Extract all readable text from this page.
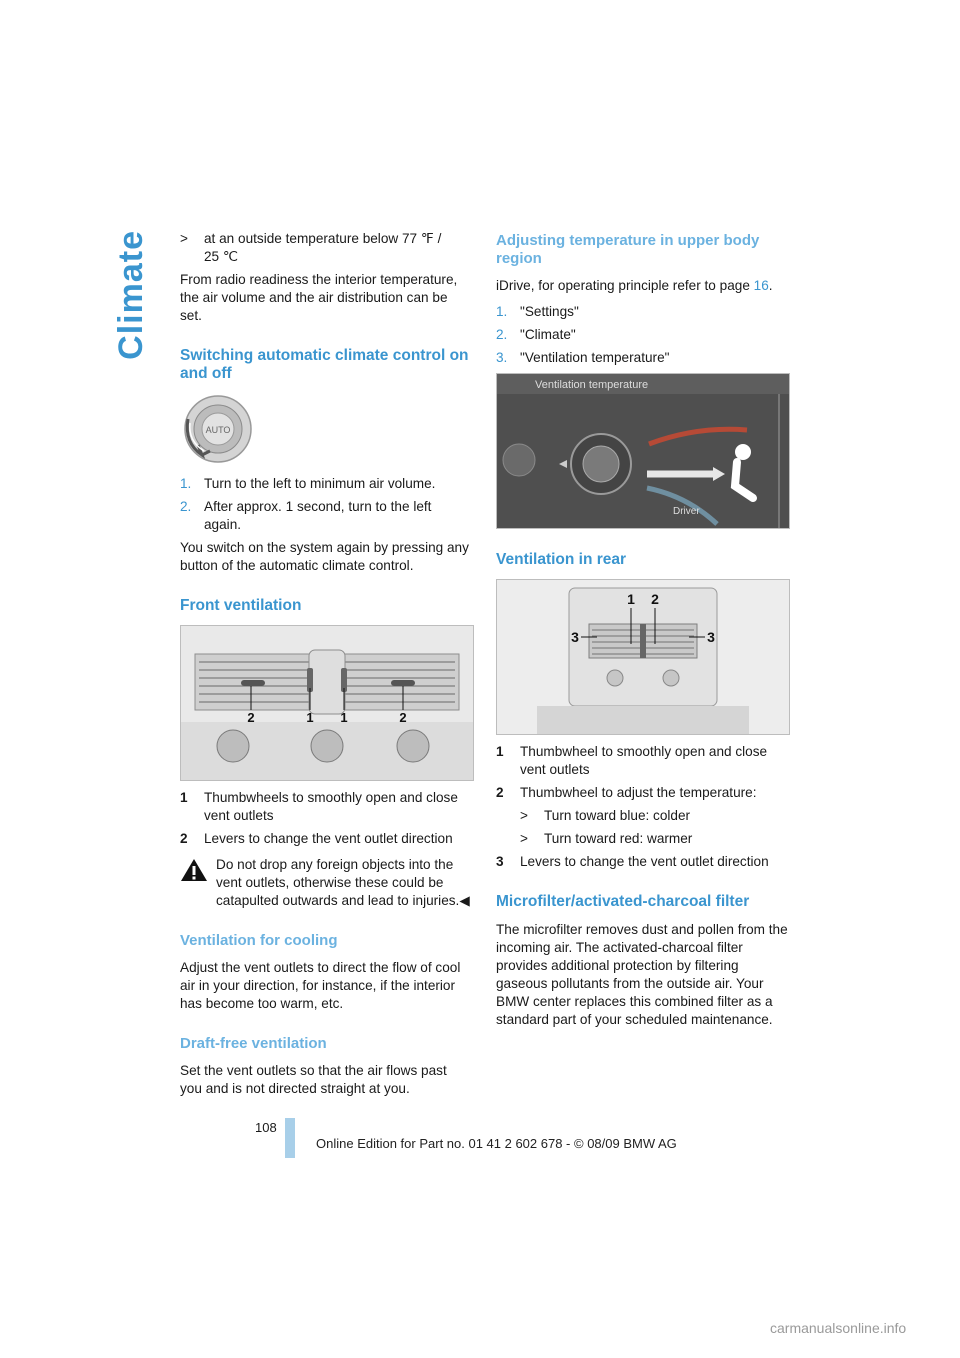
Climate > at an outside temperature below 77 ℉ /
25 ℃

From radio readiness the interior temperature, the air volume and the air distribution can be set.

Switching automatic climate control on and off
AUTO
1. Turn to the left to minimum air volume.
2. After approx. 1 second, turn to the left again.

You switch on the system again by pressing any button of the automatic climate control.

Front ventilation
2	1 1	2
1 Thumbwheels to smoothly open and close vent outlets
2 Levers to change the vent outlet direction
Do not drop any foreign objects into the vent outlets, otherwise these could be catapulted outwards and lead to injuries.◀
Ventilation for cooling

Adjust the vent outlets to direct the flow of cool air in your direction, for instance, if the interior has become too warm, etc.

Draft-free ventilation

Set the vent outlets so that the air flows past you and is not directed straight at you.

Adjusting temperature in upper body region

iDrive, for operating principle refer to page 16.

1. "Settings"
2. "Climate"
3. "Ventilation temperature"
Ventilation temperature
Driver
Ventilation in rear
1 2
3	3
1 Thumbwheel to smoothly open and close vent outlets
2 Thumbwheel to adjust the temperature:
> Turn toward blue: colder
> Turn toward red: warmer
3 Levers to change the vent outlet direction
Microfilter/activated-charcoal filter

The microfilter removes dust and pollen from the incoming air. The activated-charcoal filter provides additional protection by filtering gaseous pollutants from the outside air. Your BMW center replaces this combined filter as a standard part of your scheduled maintenance.

108
Online Edition for Part no. 01 41 2 602 678 - © 08/09 BMW AG
carmanualsonline.info
